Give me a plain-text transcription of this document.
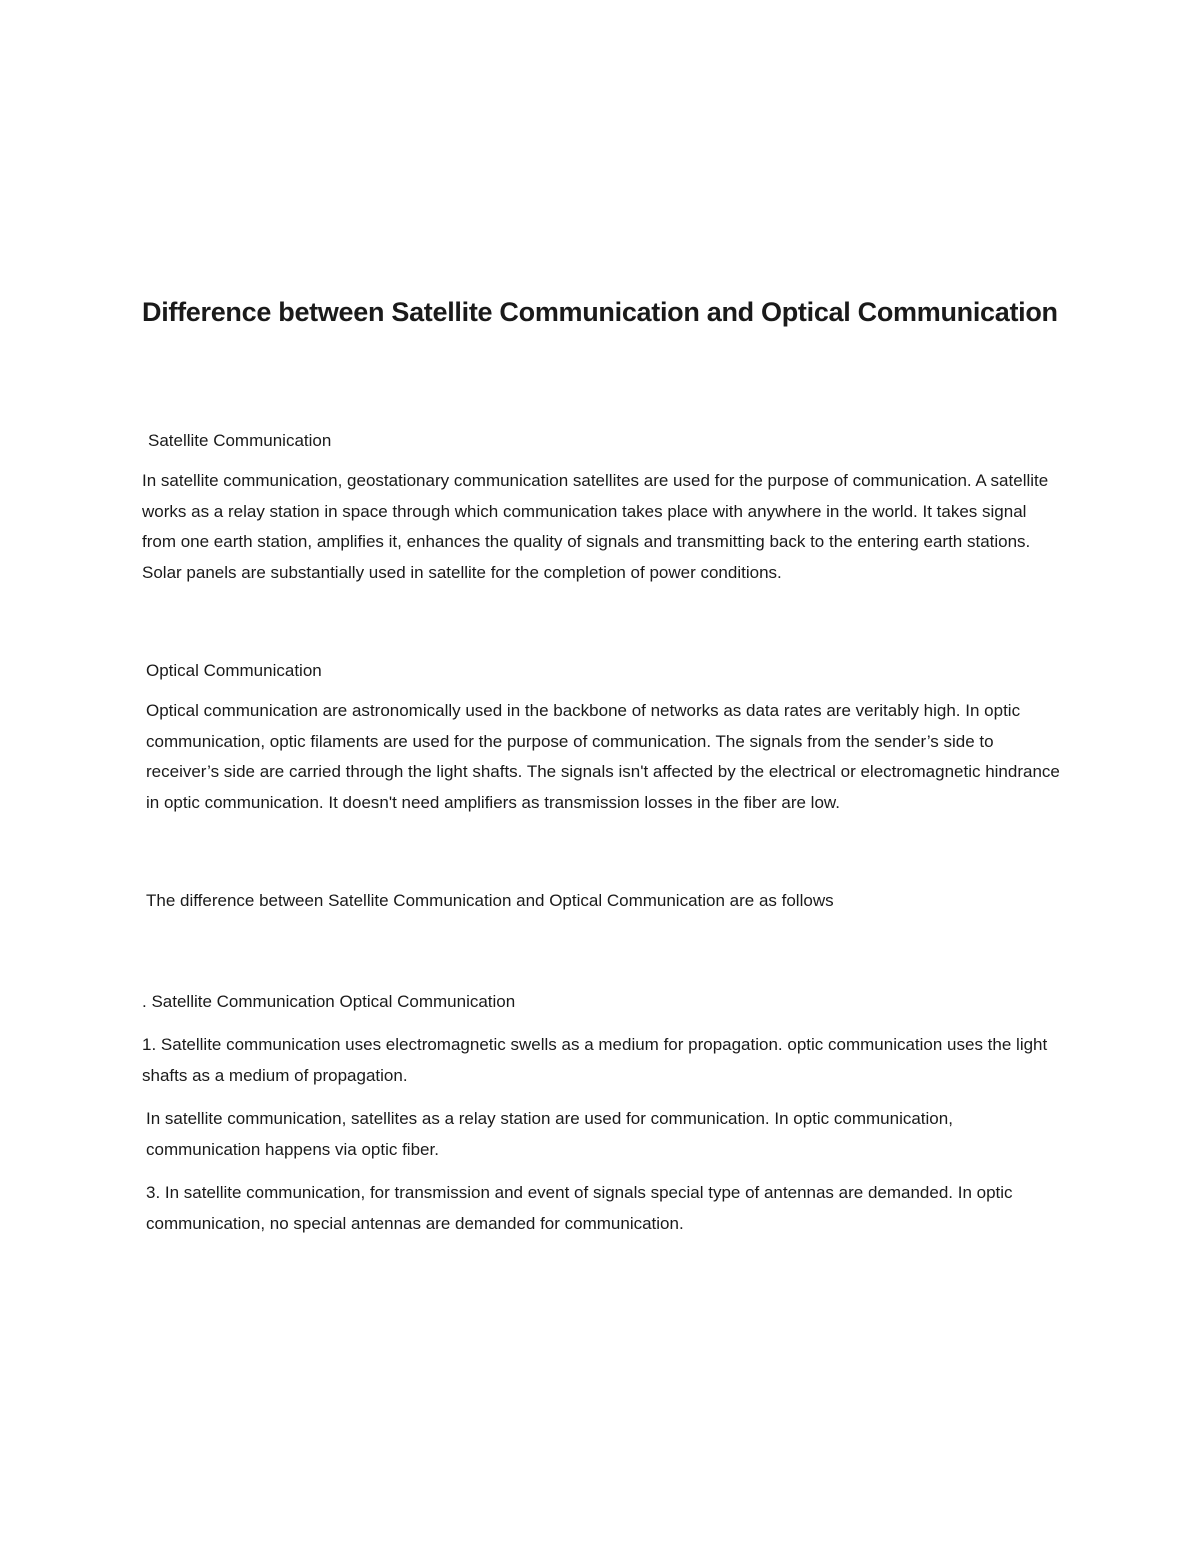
Difference between Satellite Communication and Optical Communication

Satellite Communication

In satellite communication, geostationary communication satellites are used for the purpose of communication. A satellite works as a relay station in space through which communication takes place with anywhere in the world. It takes signal from one earth station, amplifies it, enhances the quality of signals and transmitting back to the entering earth stations. Solar panels are substantially used in satellite for the completion of power conditions.

Optical Communication

Optical communication are astronomically used in the backbone of networks as data rates are veritably high. In optic communication, optic filaments are used for the purpose of communication. The signals from the sender’s side to receiver’s side are carried through the light shafts. The signals isn't affected by the electrical or electromagnetic hindrance in optic communication. It doesn't need amplifiers as transmission losses in the fiber are low.

The difference between Satellite Communication and Optical Communication are as follows

. Satellite Communication Optical Communication

1. Satellite communication uses electromagnetic swells as a medium for propagation. optic communication uses the light shafts as a medium of propagation.

In satellite communication, satellites as a relay station are used for communication. In optic communication, communication happens via optic fiber.

3. In satellite communication, for transmission and event of signals special type of antennas are demanded. In optic communication, no special antennas are demanded for communication.
